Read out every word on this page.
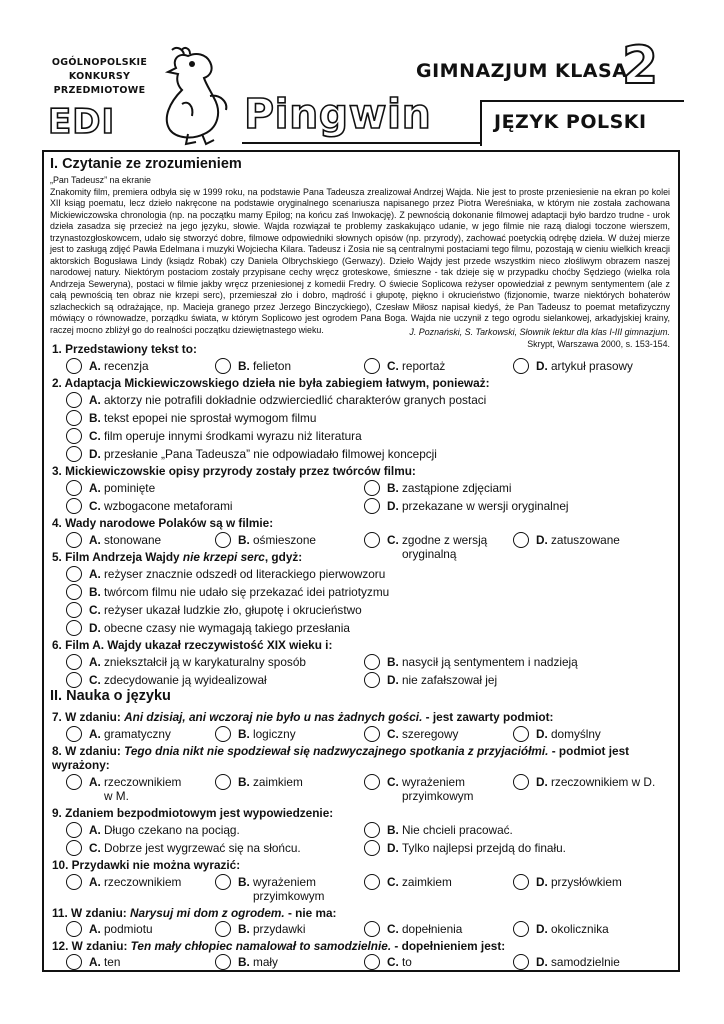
OGÓLNOPOLSKIE
KONKURSY
PRZEDMIOTOWE
EDI	Pingwin
GIMNAZJUM KLASA
2
JĘZYK POLSKI
I. Czytanie ze zrozumieniem

„Pan Tadeusz” na ekranie

Znakomity film, premiera odbyła się w 1999 roku, na podstawie Pana Tadeusza zrealizował Andrzej Wajda. Nie jest to proste przeniesienie na ekran po kolei XII ksiąg poematu, lecz dzieło nakręcone na podstawie oryginalnego scenariusza napisanego przez Piotra Wereśniaka, w którym nie została zachowana Mickiewiczowska chronologia (np. na początku mamy Epilog; na końcu zaś Inwokację). Z pewnością dokonanie filmowej adaptacji było bardzo trudne - urok dzieła zasadza się przecież na jego języku, słowie. Wajda rozwiązał te problemy zaskakująco udanie, w jego filmie nie razą dialogi toczone wierszem, trzynastozgłoskowcem, udało się stworzyć dobre, filmowe odpowiedniki słownych opisów (np. przyrody), zachować poetyckią odrębę dzieła. W dużej mierze jest to zasługą zdjęć Pawła Edelmana i muzyki Wojciecha Kilara. Tadeusz i Zosia nie są centralnymi postaciami tego filmu, pozostają w cieniu wielkich kreacji aktorskich Bogusława Lindy (ksiądz Robak) czy Daniela Olbrychskiego (Gerwazy). Dzieło Wajdy jest przede wszystkim nieco złośliwym obrazem naszej narodowej natury. Niektórym postaciom zostały przypisane cechy wręcz groteskowe, śmieszne - tak dzieje się w przypadku choćby Sędziego (wielka rola Andrzeja Seweryna), postaci w filmie jakby wręcz przeniesionej z komedii Fredry. O świecie Soplicowa reżyser opowiedział z pewnym sentymentem (ale z całą pewnością ten obraz nie krzepi serc), przemieszał zło i dobro, mądrość i głupotę, piękno i okrucieństwo (fizjonomie, twarze niektórych bohaterów szlacheckich są odrażające, np. Macieja granego przez Jerzego Binczyckiego), Czesław Miłosz napisał kiedyś, że Pan Tadeusz to poemat metafizyczny mówiący o równowadze, porządku świata, w którym Soplicowo jest ogrodem Pana Boga. Wajda nie uczynił z tego ogrodu sielankowej, arkadyjskiej krainy, raczej mocno zbliżył go do realności początku dziewiętnastego wieku.	J. Poznański, S. Tarkowski, Słownik lektur dla klas I-III gimnazjum.
Skrypt, Warszawa 2000, s. 153-154.
1. Przedstawiony tekst to:
A. recenzja	B. felieton	C. reportaż	D. artykuł prasowy
2. Adaptacja Mickiewiczowskiego dzieła nie była zabiegiem łatwym, ponieważ:
A. aktorzy nie potrafili dokładnie odzwierciedlić charakterów granych postaci
B. tekst epopei nie sprostał wymogom filmu
C. film operuje innymi środkami wyrazu niż literatura
D. przesłanie „Pana Tadeusza” nie odpowiadało filmowej koncepcji
3. Mickiewiczowskie opisy przyrody zostały przez twórców filmu:
A. pominięte	B. zastąpione zdjęciami
C. wzbogacone metaforami	D. przekazane w wersji oryginalnej
4. Wady narodowe Polaków są w filmie:
A. stonowane	B. ośmieszone	C. zgodne z wersją
oryginalną
D. zatuszowane
5. Film Andrzeja Wajdy nie krzepi serc, gdyż:
A. reżyser znacznie odszedł od literackiego pierwowzoru
B. twórcom filmu nie udało się przekazać idei patriotyzmu
C. reżyser ukazał ludzkie zło, głupotę i okrucieństwo
D. obecne czasy nie wymagają takiego przesłania
6. Film A. Wajdy ukazał rzeczywistość XIX wieku i:
A. zniekształcił ją w karykaturalny sposób	B. nasycił ją sentymentem i nadzieją
C. zdecydowanie ją wyidealizował	D. nie zafałszował jej
II. Nauka o języku
7. W zdaniu: Ani dzisiaj, ani wczoraj nie było u nas żadnych gości. - jest zawarty podmiot:
A. gramatyczny	B. logiczny	C. szeregowy	D. domyślny
8. W zdaniu: Tego dnia nikt nie spodziewał się nadzwyczajnego spotkania z przyjaciółmi. - podmiot jest
wyrażony:
A. rzeczownikiem
w M.
B. zaimkiem	C. wyrażeniem
przyimkowym
D. rzeczownikiem w D.
9. Zdaniem bezpodmiotowym jest wypowiedzenie:
A. Długo czekano na pociąg.	B. Nie chcieli pracować.
C. Dobrze jest wygrzewać się na słońcu.	D. Tylko najlepsi przejdą do finału.
10. Przydawki nie można wyrazić:
A. rzeczownikiem	B. wyrażeniem
przyimkowym
C. zaimkiem	D. przysłówkiem
11. W zdaniu: Narysuj mi dom z ogrodem. - nie ma:
A. podmiotu	B. przydawki	C. dopełnienia	D. okolicznika
12. W zdaniu: Ten mały chłopiec namalował to samodzielnie. - dopełnieniem jest:
A. ten	B. mały	C. to	D. samodzielnie
